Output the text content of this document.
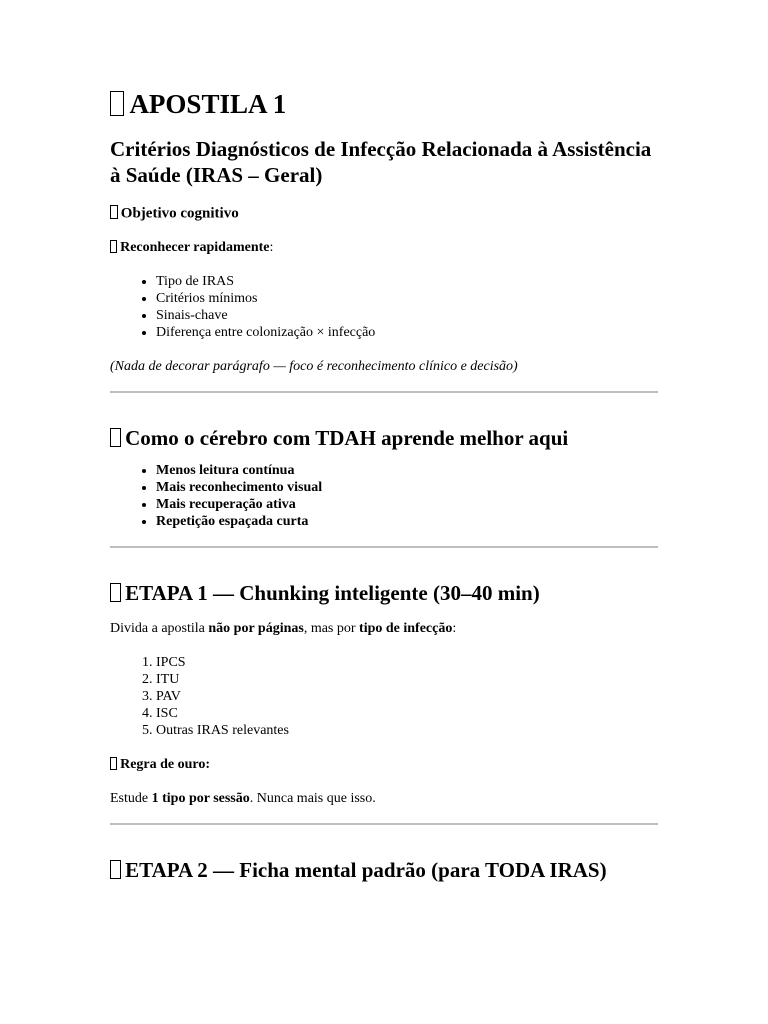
APOSTILA 1
Critérios Diagnósticos de Infecção Relacionada à Assistência à Saúde (IRAS – Geral)

Objetivo cognitivo

Reconhecer rapidamente:

• Tipo de IRAS
• Critérios mínimos
• Sinais-chave
• Diferença entre colonização × infecção

(Nada de decorar parágrafo — foco é reconhecimento clínico e decisão)

Como o cérebro com TDAH aprende melhor aqui
• Menos leitura contínua
• Mais reconhecimento visual
• Mais recuperação ativa
• Repetição espaçada curta
ETAPA 1 — Chunking inteligente (30–40 min)

Divida a apostila não por páginas, mas por tipo de infecção:

1. IPCS
2. ITU
3. PAV
4. ISC
5. Outras IRAS relevantes

Regra de ouro:

Estude 1 tipo por sessão. Nunca mais que isso.

ETAPA 2 — Ficha mental padrão (para TODA IRAS)
